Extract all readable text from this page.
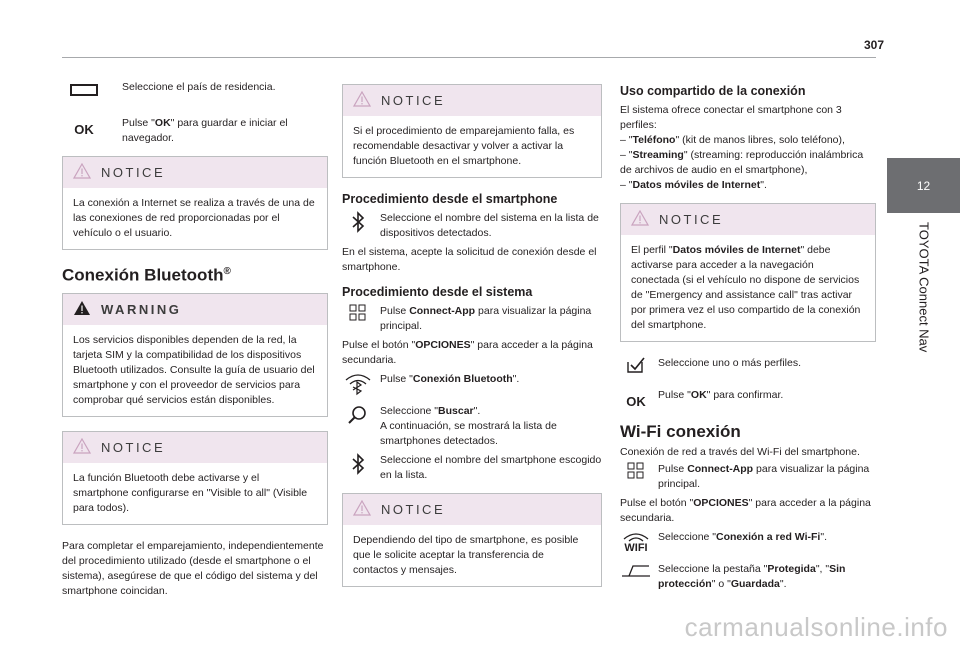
307
12
TOYOTA Connect Nav
Seleccione el país de residencia.
OK	Pulse "OK" para guardar e iniciar el navegador.
NOTICE
La conexión a Internet se realiza a través de una de las conexiones de red proporcionadas por el vehículo o el usuario.
Conexión Bluetooth®
WARNING
Los servicios disponibles dependen de la red, la tarjeta SIM y la compatibilidad de los dispositivos Bluetooth utilizados. Consulte la guía de usuario del smartphone y con el proveedor de servicios para comprobar qué servicios están disponibles.
NOTICE
La función Bluetooth debe activarse y el smartphone configurarse en "Visible to all" (Visible para todos).

Para completar el emparejamiento, independientemente del procedimiento utilizado (desde el smartphone o el sistema), asegúrese de que el código del sistema y del smartphone coincidan.

NOTICE
Si el procedimiento de emparejamiento falla, es recomendable desactivar y volver a activar la función Bluetooth en el smartphone.
Procedimiento desde el smartphone
Seleccione el nombre del sistema en la lista de dispositivos detectados.

En el sistema, acepte la solicitud de conexión desde el smartphone.

Procedimiento desde el sistema
Pulse Connect-App para visualizar la página principal.

Pulse el botón "OPCIONES" para acceder a la página secundaria.

Pulse "Conexión Bluetooth".
Seleccione "Buscar".
A continuación, se mostrará la lista de smartphones detectados.
Seleccione el nombre del smartphone escogido en la lista.
NOTICE
Dependiendo del tipo de smartphone, es posible que le solicite aceptar la transferencia de contactos y mensajes.
Uso compartido de la conexión

El sistema ofrece conectar el smartphone con 3 perfiles:

– "Teléfono" (kit de manos libres, solo teléfono),

– "Streaming" (streaming: reproducción inalámbrica de archivos de audio en el smartphone),

– "Datos móviles de Internet".

NOTICE
El perfil "Datos móviles de Internet" debe activarse para acceder a la navegación conectada (si el vehículo no dispone de servicios de "Emergency and assistance call" tras activar por primera vez el uso compartido de la conexión del smartphone.
Seleccione uno o más perfiles.
OK	Pulse "OK" para confirmar.
Wi-Fi conexión

Conexión de red a través del Wi-Fi del smartphone.

Pulse Connect-App para visualizar la página principal.

Pulse el botón "OPCIONES" para acceder a la página secundaria.

WIFI
Seleccione "Conexión a red Wi-Fi".
Seleccione la pestaña "Protegida", "Sin protección" o "Guardada".
carmanualsonline.info
